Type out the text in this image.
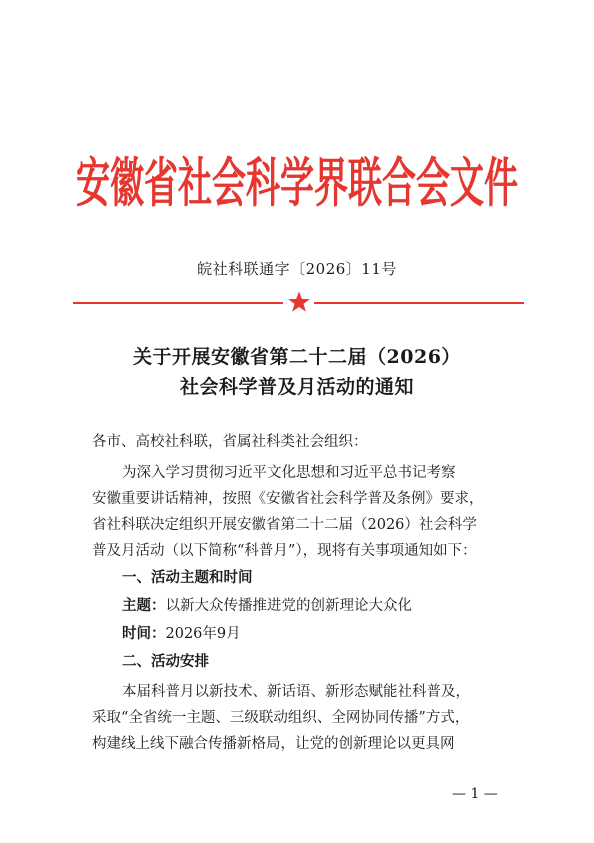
安徽省社会科学界联合会文件
皖社科联通字〔2026〕11号
关于开展安徽省第二十二届（2026）
社会科学普及月活动的通知
各市、高校社科联，省属社科类社会组织：
为深入学习贯彻习近平文化思想和习近平总书记考察
安徽重要讲话精神，按照《安徽省社会科学普及条例》要求，
省社科联决定组织开展安徽省第二十二届（2026）社会科学
普及月活动（以下简称“科普月”），现将有关事项通知如下：
一、活动主题和时间
主题：以新大众传播推进党的创新理论大众化
时间：2026年9月
二、活动安排
本届科普月以新技术、新话语、新形态赋能社科普及，
采取“全省统一主题、三级联动组织、全网协同传播”方式，
构建线上线下融合传播新格局，让党的创新理论以更具网
— 1 —
